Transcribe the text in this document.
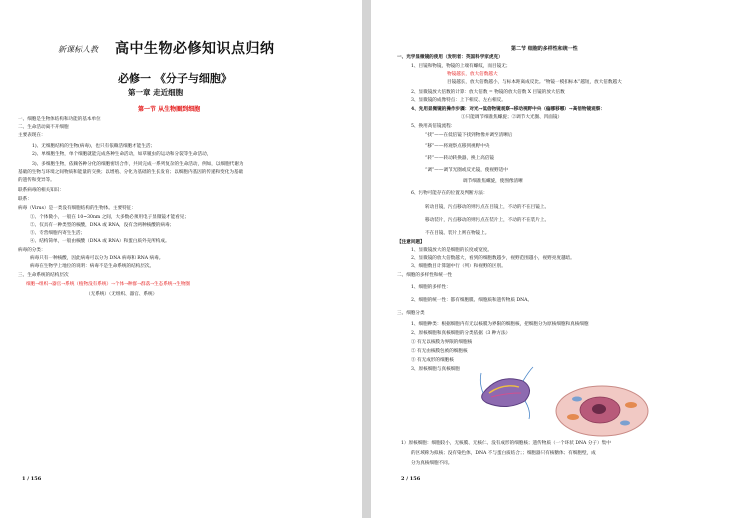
新课标人教 高中生物必修知识点归纳
必修一 《分子与细胞》
第一章 走近细胞
第一节 从生物圈到细胞
一、细胞是生物体结构和功能的基本单位
二、生命活动离不开细胞
主要表现在：
1)、无细胞结构的生物(病毒)，也只有依赖活细胞才能生活；
2)、单细胞生物，单个细胞就能完成各种生命活动，如草履虫的运动和分裂等生命活动，
3)、多细胞生物，依赖各种分化的细胞密切合作，共同完成一系列复杂的生命活动，例如，以细胞代谢为
基础的生物与环境之间物质和能量的交换；以增殖、分化为基础的生长发育；以细胞内基因的传递和变化为基础
的遗传和变异等。
联系病毒的相关知识：
联系：
病毒（Virus）是一类没有细胞结构的生物体。主要特征：
①、个体微小，一般在 10~30nm 之间，大多数必须用电子显微镜才能看见；
②、仅具有一种类型的核酸，DNA 或 RNA，没有含两种核酸的病毒；
③、专营细胞内寄生生活；
④、结构简单，一般由核酸（DNA 或 RNA）和蛋白质外壳所构成。
病毒的分类：
病毒只有一种核酸，因此病毒可以分为 DNA 病毒和 RNA 病毒。
病毒在生物学上地位的说明：病毒不是生命系统的结构层次。
三、生命系统的结构层次
细胞→组织→器官→系统（植物没有系统）→个体→种群→群落→生态系统→生物圈
（无系统）（无组织、器官、系统）
1 / 156
第二节 细胞的多样性和统一性
一、光学显微镜的使用（发明者：英国科学家虎克）
1、目镜和物镜，物镜的上端有螺纹，而目镜无；
物镜越长，放大倍数越大
目镜越长，放大倍数越小，与标本距离成反比。“物镜一模扣标本”越短，放大倍数越大
2、显微镜放大倍数的计算：放大倍数 = 物镜的放大倍数 X 目镜的放大倍数
3、显微镜的成像特点：上下相反、左右相反。
4、先用显微镜的操作步骤：对光→低倍物镜观察→移动视野中央（偏哪移哪）→高倍物镜观察：
①只能调节细准焦螺旋；②调节大光圈、凹面镜）
5、换用高倍镜流程：
“找”——在低倍镜下找到物像并调至清晰后
“移”——将观察点移到视野中央
“转”——转动转换器，换上高倍镜
“调”——调节光圈或反光镜，使视野适中
调节细准焦螺旋，使图像清晰
6、污物可能存在的位置及判断方法：
转动目镜，污点移动的则污点在目镜上，不动的不在目镜上。
移动装片，污点移动的则污点在装片上，不动的不在装片上。
不在目镜、装片上则在物镜上。
【注意问题】
1、显微镜放大的是细胞的长度或宽度。
2、显微镜的放大倍数越大，看到的细胞数越少，视野范围越小，视野亮度越暗。
3、细胞数目计算题中行（列）和视野的区别。
二、细胞的多样性和统一性
1、细胞的多样性：
2、细胞的统一性：都有细胞膜、细胞质和遗传物质 DNA。
三、细胞分类
1、细胞种类：根据细胞内有无以核膜为界限的细胞核，把细胞分为原核细胞和真核细胞
2、原核细胞和真核细胞的分类依据（3 种方法）
① 有无以核膜为界限的细胞核
② 有无由核膜包被的细胞核
③ 有无成形的细胞核
3、原核细胞与真核细胞
1）原核细胞：细胞较小，无核膜、无核仁、没有成形的细胞核；遗传物质（一个环状 DNA 分子）集中
的区域称为拟核；没有染色体，DNA 不与蛋白质结合；；细胞器只有核糖体；有细胞壁，成
分为真核细胞不同。
2 / 156
